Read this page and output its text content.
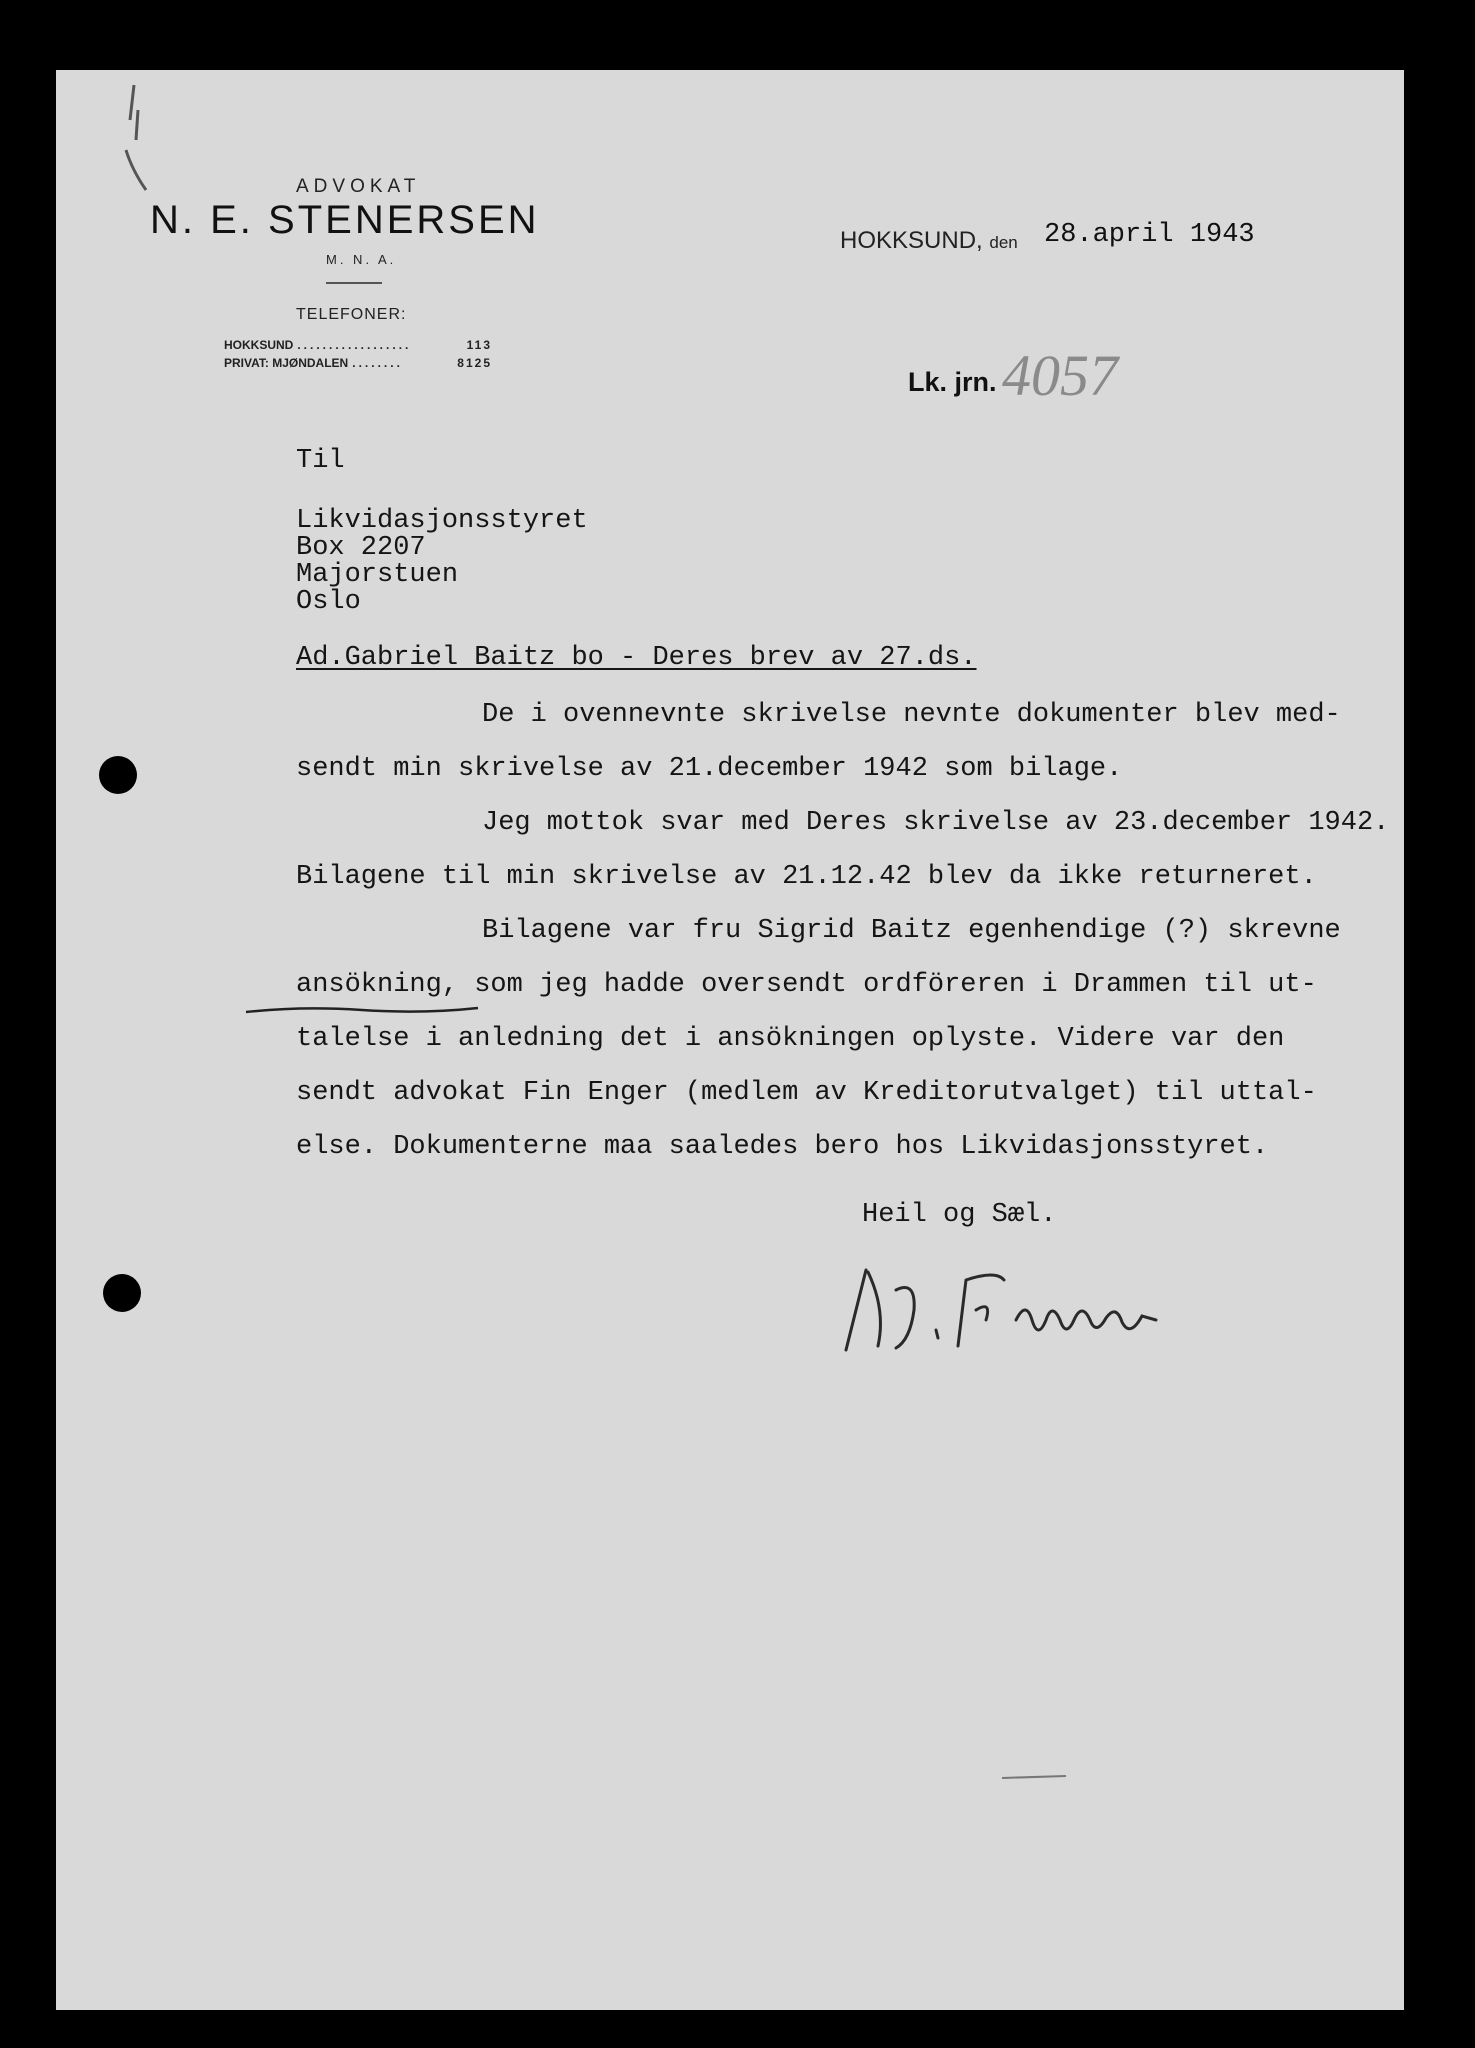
ADVOKAT
N. E. STENERSEN
M. N. A.
TELEFONER:
HOKKSUND ..................	113
PRIVAT: MJØNDALEN ........	8125
HOKKSUND, den 28.april 1943
Lk. jrn. 4057
Til
Likvidasjonsstyret
Box 2207
Majorstuen
Oslo
Ad.Gabriel Baitz bo - Deres brev av 27.ds.
De i ovennevnte skrivelse nevnte dokumenter blev med-
sendt min skrivelse av 21.december 1942 som bilage.
Jeg mottok svar med Deres skrivelse av 23.december 1942.
Bilagene til min skrivelse av 21.12.42 blev da ikke returneret.
Bilagene var fru Sigrid Baitz egenhendige (?) skrevne
ansökning, som jeg hadde oversendt ordföreren i Drammen til ut-
talelse i anledning det i ansökningen oplyste. Videre var den
sendt advokat Fin Enger (medlem av Kreditorutvalget) til uttal-
else. Dokumenterne maa saaledes bero hos Likvidasjonsstyret.
Heil og Sæl.
